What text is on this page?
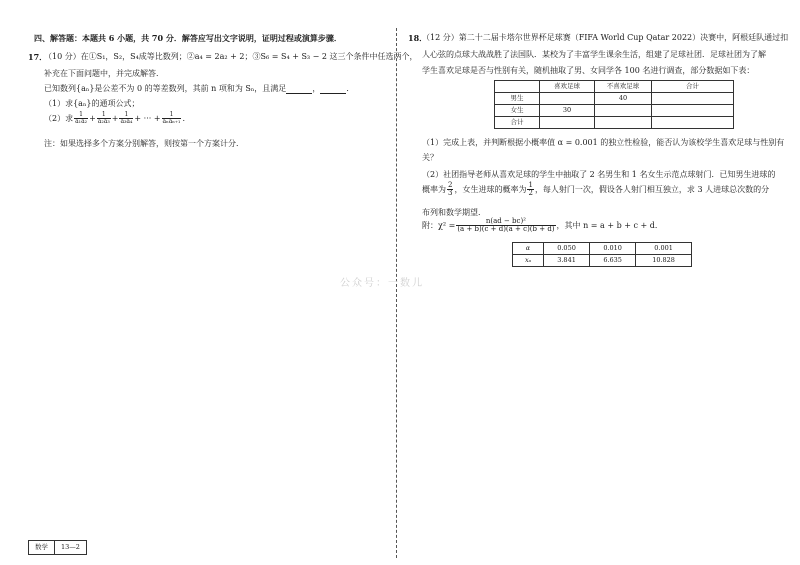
四、解答题：本题共 6 小题，共 70 分．解答应写出文字说明，证明过程或演算步骤．
17．
（10 分）在①S₁，S₂，S₄成等比数列；②a₄ = 2a₂ + 2；③S₆ = S₄ + S₃ − 2 这三个条件中任选两个，
补充在下面问题中，并完成解答．
已知数列{aₙ}是公差不为 0 的等差数列，其前 n 项和为 Sₙ，且满足	，	．
（1）求{aₙ}的通项公式；
（2）求 $\frac{1}{\text{a₁a₂}} + \frac{1}{\text{a₂a₃}} + \frac{1}{\text{a₃a₄}}$ + ··· + $\frac{1}{\text{aₙaₙ₊₁}}$ .
注：如果选择多个方案分别解答，则按第一个方案计分．
18．
（12 分）第二十二届卡塔尔世界杯足球赛（FIFA World Cup Qatar 2022）决赛中，阿根廷队通过扣
人心弦的点球大战战胜了法国队．某校为了丰富学生课余生活，组建了足球社团．足球社团为了解
学生喜欢足球是否与性别有关，随机抽取了男、女同学各 100 名进行调查，部分数据如下表：
	喜欢足球	不喜欢足球	合计
男生		40	
女生	30		
合计			
（1）完成上表，并判断根据小概率值 α = 0.001 的独立性检验，能否认为该校学生喜欢足球与性别有
关？
（2）社团指导老师从喜欢足球的学生中抽取了 2 名男生和 1 名女生示范点球射门．已知男生进球的
概率为 $\frac{2}{3}$ ，女生进球的概率为 $\frac{1}{2}$ ，每人射门一次，假设各人射门相互独立，求 3 人进球总次数的分
布列和数学期望．
附：$\chi^2 = \frac{\text{n(ad − bc)²}}{(a + b)(c + d)(a + c)(b + d)}$ ，其中 n = a + b + c + d．
α	0.050	0.010	0.001
xₐ	3.841	6.635	10.828
公众号：一数儿
数学	13—2
